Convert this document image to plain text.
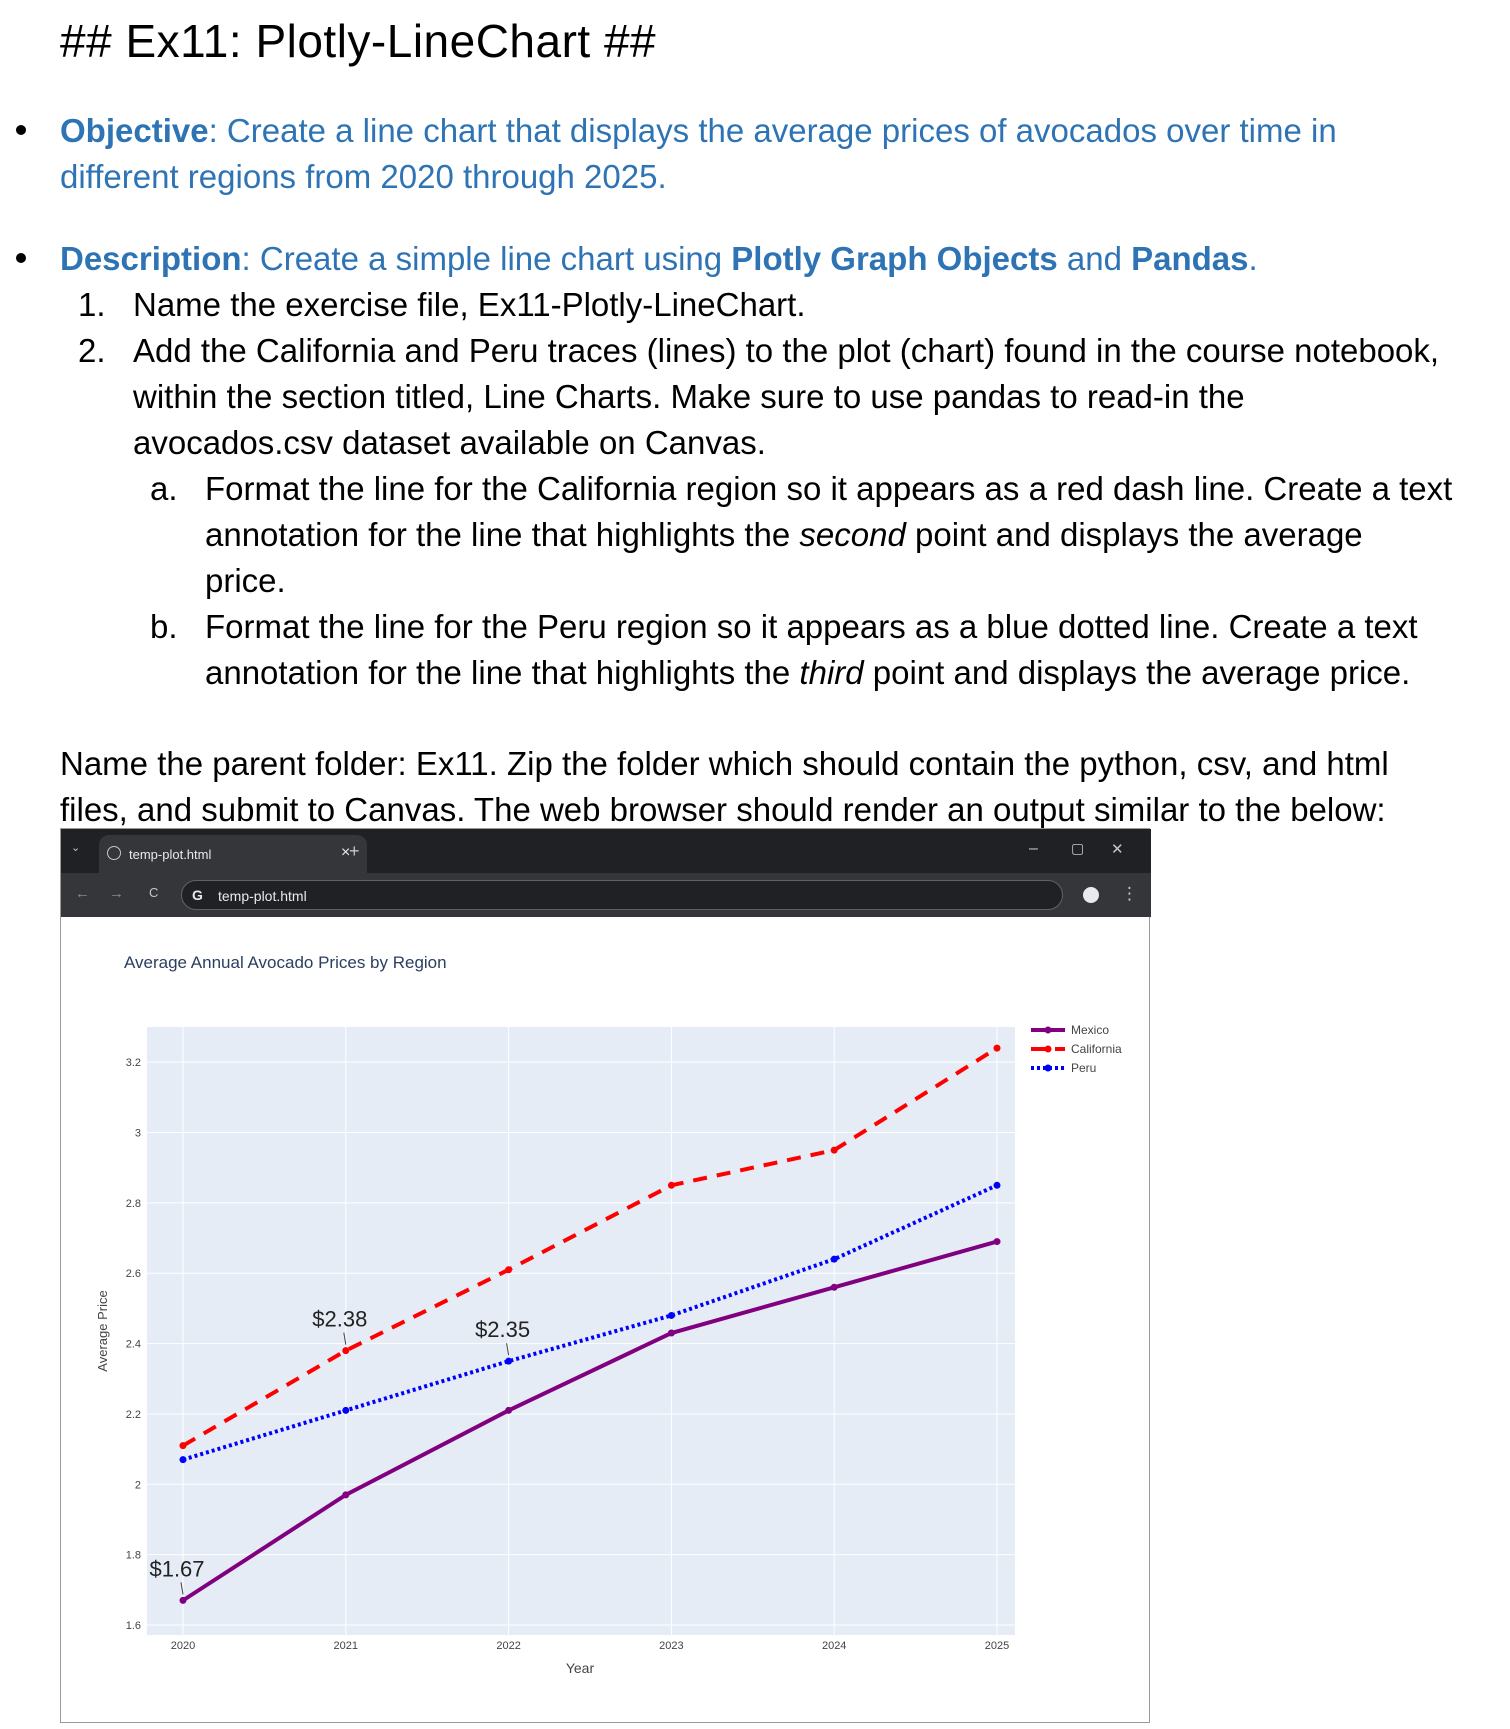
## Ex11: Plotly-LineChart ##
Objective: Create a line chart that displays the average prices of avocados over time in
different regions from 2020 through 2025.
Description: Create a simple line chart using Plotly Graph Objects and Pandas.
1. Name the exercise file, Ex11-Plotly-LineChart.
2. Add the California and Peru traces (lines) to the plot (chart) found in the course notebook,
within the section titled, Line Charts. Make sure to use pandas to read-in the
avocados.csv dataset available on Canvas.
a. Format the line for the California region so it appears as a red dash line. Create a text
annotation for the line that highlights the second point and displays the average
price.
b. Format the line for the Peru region so it appears as a blue dotted line. Create a text
annotation for the line that highlights the third point and displays the average price.
Name the parent folder: Ex11. Zip the folder which should contain the python, csv, and html
files, and submit to Canvas. The web browser should render an output similar to the below:
⌄	temp-plot.html	×
+	– ▢ ✕
← → C G temp-plot.html	⋮
Average Annual Avocado Prices by Region
2020	2021	2022	2023	2024	2025
1.6
1.8
2
2.2
2.4
2.6
2.8
3
3.2
$1.67
$2.38	$2.35
Mexico
California
Peru
Year
Average Price
